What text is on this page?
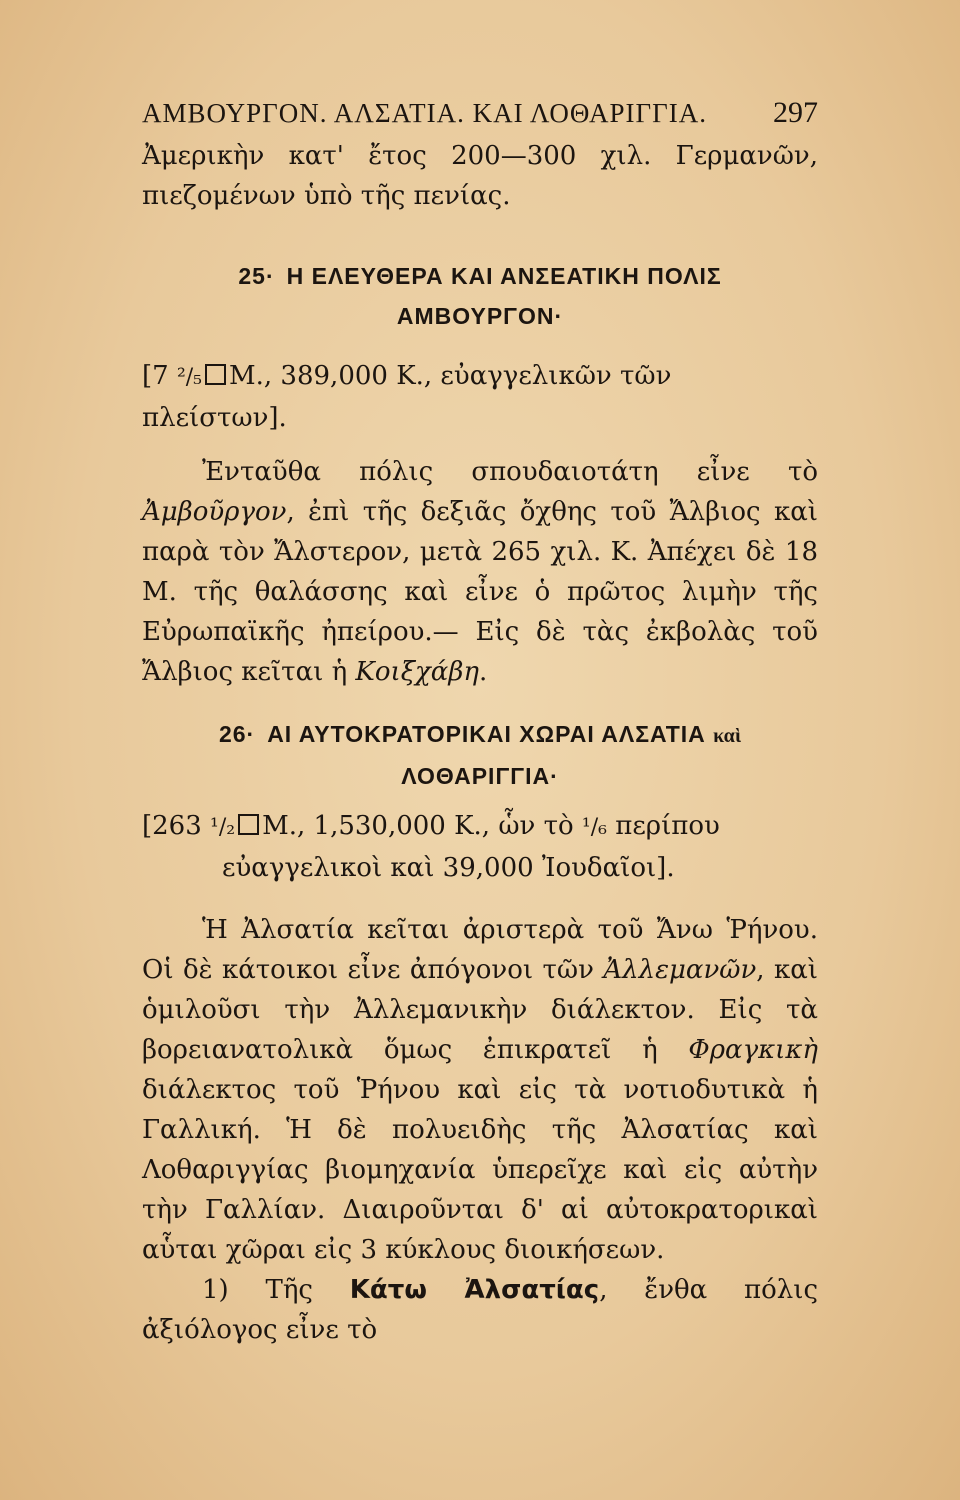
ΑΜΒΟΥΡΓΟΝ. ΑΛΣΑΤΙΑ. ΚΑΙ ΛΟΘΑΡΙΓΓΙΑ. 297

Ἀμερικὴν κατ' ἔτος 200—300 χιλ. Γερμανῶν, πιεζομένων ὑπὸ τῆς πενίας.

25· Η ΕΛΕΥΘΕΡΑ ΚΑΙ ΑΝΣΕΑΤΙΚΗ ΠΟΛΙΣ
ΑΜΒΟΥΡΓΟΝ·

[7 ²/₅ Μ., 389,000 Κ., εὐαγγελικῶν τῶν πλείστων].

Ἐνταῦθα πόλις σπουδαιοτάτη εἶνε τὸ Ἀμβοῦργον, ἐπὶ τῆς δεξιᾶς ὄχθης τοῦ Ἄλβιος καὶ παρὰ τὸν Ἄλστερον, μετὰ 265 χιλ. Κ. Ἀπέχει δὲ 18 Μ. τῆς θαλάσσης καὶ εἶνε ὁ πρῶτος λιμὴν τῆς Εὐρωπαϊκῆς ἠπείρου.— Εἰς δὲ τὰς ἐκβολὰς τοῦ Ἄλβιος κεῖται ἡ Κοιξχάβη.

26· ΑΙ ΑΥΤΟΚΡΑΤΟΡΙΚΑΙ ΧΩΡΑΙ ΑΛΣΑΤΙΑ καὶ
ΛΟΘΑΡΙΓΓΙΑ·

[263 ¹/₂ Μ., 1,530,000 Κ., ὧν τὸ ¹/₆ περίπου
εὐαγγελικοὶ καὶ 39,000 Ἰουδαῖοι].

Ἡ Ἀλσατία κεῖται ἀριστερὰ τοῦ Ἄνω Ῥήνου. Οἱ δὲ κάτοικοι εἶνε ἀπόγονοι τῶν Ἀλλεμανῶν, καὶ ὁμιλοῦσι τὴν Ἀλλεμανικὴν διάλεκτον. Εἰς τὰ βορειανατολικὰ ὅμως ἐπικρατεῖ ἡ Φραγκικὴ διάλεκτος τοῦ Ῥήνου καὶ εἰς τὰ νοτιοδυτικὰ ἡ Γαλλική. Ἡ δὲ πολυειδὴς τῆς Ἀλσατίας καὶ Λοθαριγγίας βιομηχανία ὑπερεῖχε καὶ εἰς αὐτὴν τὴν Γαλλίαν. Διαιροῦνται δ' αἱ αὐτοκρατορικαὶ αὗται χῶραι εἰς 3 κύκλους διοικήσεων.

1) Τῆς Κάτω Ἀλσατίας, ἔνθα πόλις ἀξιόλογος εἶνε τὸ
